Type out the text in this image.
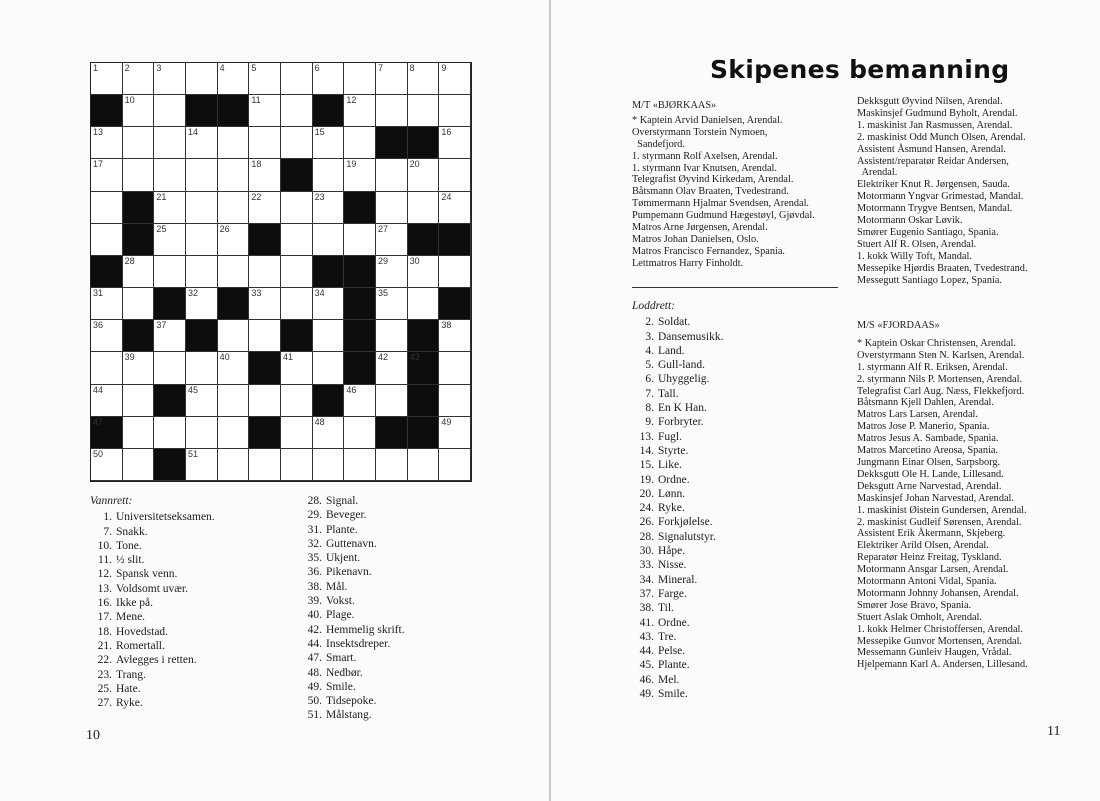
1	2	3	4	5	6	7	8	9
10	11	12
13	14	15	16
17	18	19	20
21	22	23	24
25	26	27
28	29 30
31	32	33	34	35
36	37	38
39	40	41	42 43
44	45	46
47	48	49
50	51
Vannrett:
1. Universitetseksamen.
7. Snakk.
10. Tone.
11. ½ slit.
12. Spansk venn.
13. Voldsomt uvær.
16. Ikke på.
17. Mene.
18. Hovedstad.
21. Romertall.
22. Avlegges i retten.
23. Trang.
25. Hate.
27. Ryke.
28. Signal.
29. Beveger.
31. Plante.
32. Guttenavn.
35. Ukjent.
36. Pikenavn.
38. Mål.
39. Vokst.
40. Plage.
42. Hemmelig skrift.
44. Insektsdreper.
47. Smart.
48. Nedbør.
49. Smile.
50. Tidsepoke.
51. Målstang.
10
Skipenes bemanning
M/T «BJØRKAAS»
* Kaptein Arvid Danielsen, Arendal.
Overstyrmann Torstein Nymoen,
Sandefjord.
1. styrmann Rolf Axelsen, Arendal.
1. styrmann Ivar Knutsen, Arendal.
Telegrafist Øyvind Kirkedam, Arendal.
Båtsmann Olav Braaten, Tvedestrand.
Tømmermann Hjalmar Svendsen, Arendal.
Pumpemann Gudmund Hægestøyl, Gjøvdal.
Matros Arne Jørgensen, Arendal.
Matros Johan Danielsen, Oslo.
Matros Francisco Fernandez, Spania.
Lettmatros Harry Finholdt.
Dekksgutt Øyvind Nilsen, Arendal.
Maskinsjef Gudmund Byholt, Arendal.
1. maskinist Jan Rasmussen, Arendal.
2. maskinist Odd Munch Olsen, Arendal.
Assistent Åsmund Hansen, Arendal.
Assistent/reparatør Reidar Andersen,
Arendal.
Elektriker Knut R. Jørgensen, Sauda.
Motormann Yngvar Grimestad, Mandal.
Motormann Trygve Bentsen, Mandal.
Motormann Oskar Løvik.
Smører Eugenio Santiago, Spania.
Stuert Alf R. Olsen, Arendal.
1. kokk Willy Toft, Mandal.
Messepike Hjørdis Braaten, Tvedestrand.
Messegutt Santiago Lopez, Spania.
Loddrett:
2. Soldat.
3. Dansemusikk.
4. Land.
5. Gull-land.
6. Uhyggelig.
7. Tall.
8. En K Han.
9. Forbryter.
13. Fugl.
14. Styrte.
15. Like.
19. Ordne.
20. Lønn.
24. Ryke.
26. Forkjølelse.
28. Signalutstyr.
30. Håpe.
33. Nisse.
34. Mineral.
37. Farge.
38. Til.
41. Ordne.
43. Tre.
44. Pelse.
45. Plante.
46. Mel.
49. Smile.
M/S «FJORDAAS»
* Kaptein Oskar Christensen, Arendal.
Overstyrmann Sten N. Karlsen, Arendal.
1. styrmann Alf R. Eriksen, Arendal.
2. styrmann Nils P. Mortensen, Arendal.
Telegrafist Carl Aug. Næss, Flekkefjord.
Båtsmann Kjell Dahlen, Arendal.
Matros Lars Larsen, Arendal.
Matros Jose P. Manerio, Spania.
Matros Jesus A. Sambade, Spania.
Matros Marcetino Areosa, Spania.
Jungmann Einar Olsen, Sarpsborg.
Dekksgutt Ole H. Lande, Lillesand.
Deksgutt Arne Narvestad, Arendal.
Maskinsjef Johan Narvestad, Arendal.
1. maskinist Øistein Gundersen, Arendal.
2. maskinist Gudleif Sørensen, Arendal.
Assistent Erik Åkermann, Skjeberg.
Elektriker Arild Olsen, Arendal.
Reparatør Heinz Freitag, Tyskland.
Motormann Ansgar Larsen, Arendal.
Motormann Antoni Vidal, Spania.
Motormann Johnny Johansen, Arendal.
Smører Jose Bravo, Spania.
Stuert Aslak Omholt, Arendal.
1. kokk Helmer Christoffersen, Arendal.
Messepike Gunvor Mortensen, Arendal.
Messemann Gunleiv Haugen, Vrådal.
Hjelpemann Karl A. Andersen, Lillesand.
11
